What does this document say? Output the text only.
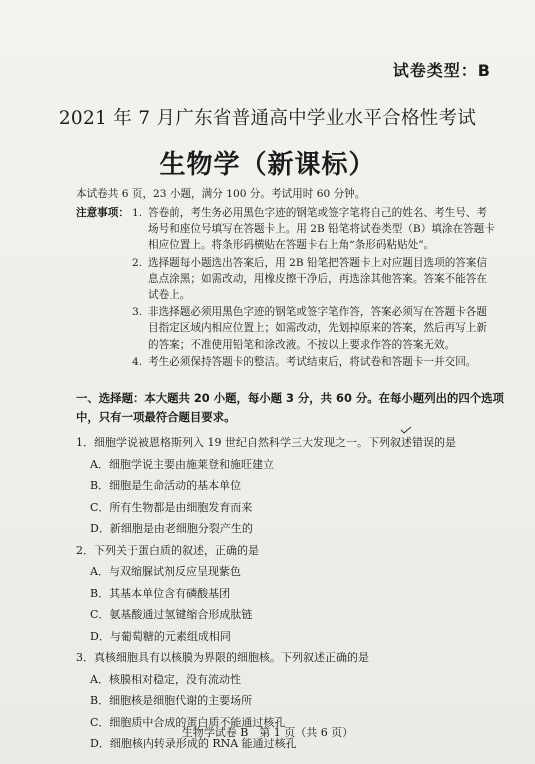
试卷类型：B
2021 年 7 月广东省普通高中学业水平合格性考试
生物学（新课标）
本试卷共 6 页，23 小题，满分 100 分。考试用时 60 分钟。
注意事项： 1. 答卷前，考生务必用黑色字迹的钢笔或签字笔将自己的姓名、考生号、考场号和座位号填写在答题卡上。用 2B 铅笔将试卷类型（B）填涂在答题卡相应位置上。将条形码横贴在答题卡右上角“条形码粘贴处”。
2. 选择题每小题选出答案后，用 2B 铅笔把答题卡上对应题目选项的答案信息点涂黑；如需改动，用橡皮擦干净后，再选涂其他答案。答案不能答在试卷上。
3. 非选择题必须用黑色字迹的钢笔或签字笔作答，答案必须写在答题卡各题目指定区域内相应位置上；如需改动，先划掉原来的答案，然后再写上新的答案；不准使用铅笔和涂改液。不按以上要求作答的答案无效。
4. 考生必须保持答题卡的整洁。考试结束后，将试卷和答题卡一并交回。
一、选择题：本大题共 20 小题，每小题 3 分，共 60 分。在每小题列出的四个选项中，只有一项最符合题目要求。
1．细胞学说被恩格斯列入 19 世纪自然科学三大发现之一。下列叙述错误的是
A．细胞学说主要由施莱登和施旺建立
B．细胞是生命活动的基本单位
C．所有生物都是由细胞发育而来
D．新细胞是由老细胞分裂产生的
2．下列关于蛋白质的叙述，正确的是
A．与双缩脲试剂反应呈现紫色
B．其基本单位含有磷酸基团
C．氨基酸通过氢键缩合形成肽链
D．与葡萄糖的元素组成相同
3．真核细胞具有以核膜为界限的细胞核。下列叙述正确的是
A．核膜相对稳定，没有流动性
B．细胞核是细胞代谢的主要场所
C．细胞质中合成的蛋白质不能通过核孔
D．细胞核内转录形成的 RNA 能通过核孔
生物学试卷 B　第 1 页（共 6 页）
